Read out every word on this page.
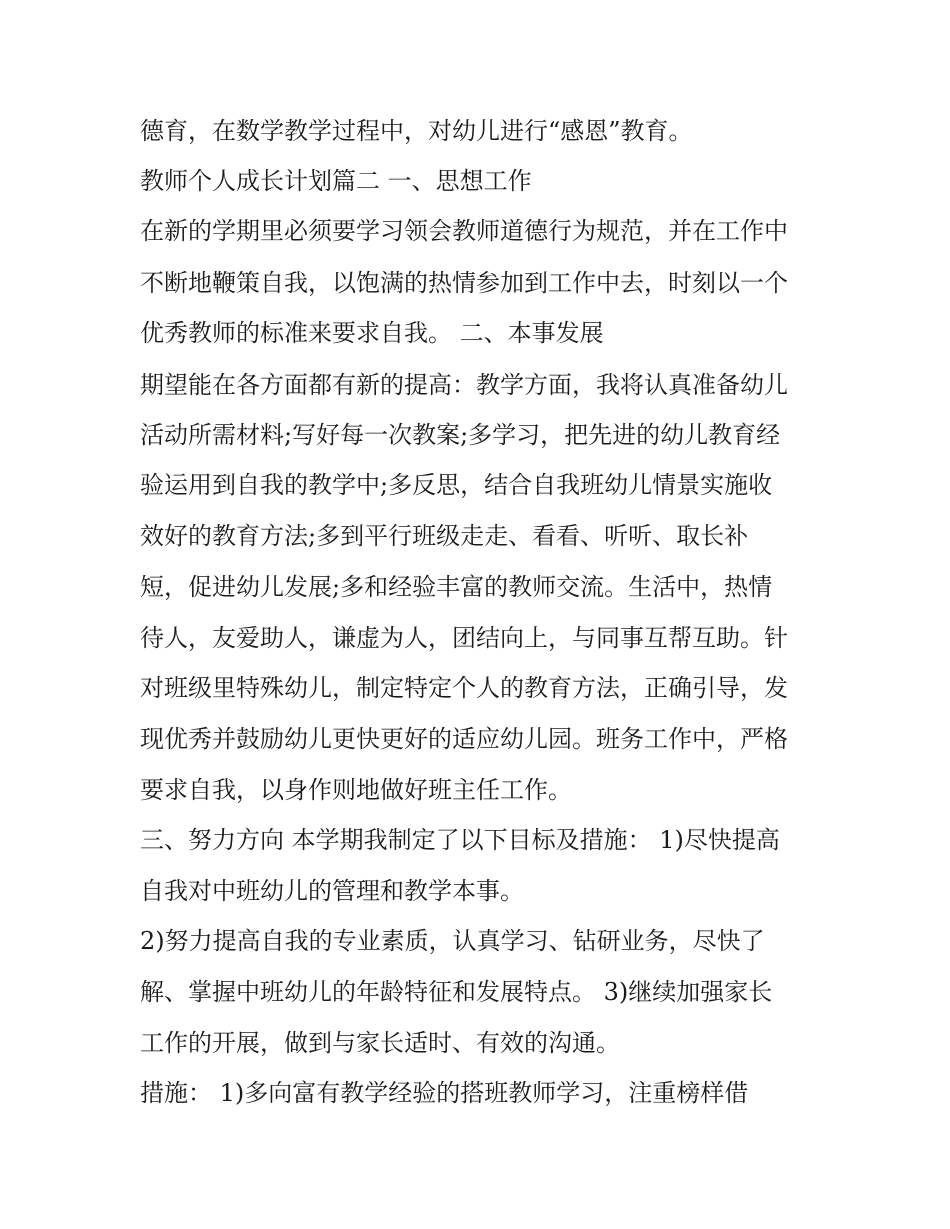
德育，在数学教学过程中，对幼儿进行“感恩”教育。
教师个人成长计划篇二 一、思想工作
在新的学期里必须要学习领会教师道德行为规范，并在工作中
不断地鞭策自我，以饱满的热情参加到工作中去，时刻以一个
优秀教师的标准来要求自我。 二、本事发展
期望能在各方面都有新的提高：教学方面，我将认真准备幼儿
活动所需材料;写好每一次教案;多学习，把先进的幼儿教育经
验运用到自我的教学中;多反思，结合自我班幼儿情景实施收
效好的教育方法;多到平行班级走走、看看、听听、取长补
短，促进幼儿发展;多和经验丰富的教师交流。生活中，热情
待人，友爱助人，谦虚为人，团结向上，与同事互帮互助。针
对班级里特殊幼儿，制定特定个人的教育方法，正确引导，发
现优秀并鼓励幼儿更快更好的适应幼儿园。班务工作中，严格
要求自我，以身作则地做好班主任工作。
三、努力方向 本学期我制定了以下目标及措施： 1)尽快提高
自我对中班幼儿的管理和教学本事。
2)努力提高自我的专业素质，认真学习、钻研业务，尽快了
解、掌握中班幼儿的年龄特征和发展特点。 3)继续加强家长
工作的开展，做到与家长适时、有效的沟通。
措施： 1)多向富有教学经验的搭班教师学习，注重榜样借
